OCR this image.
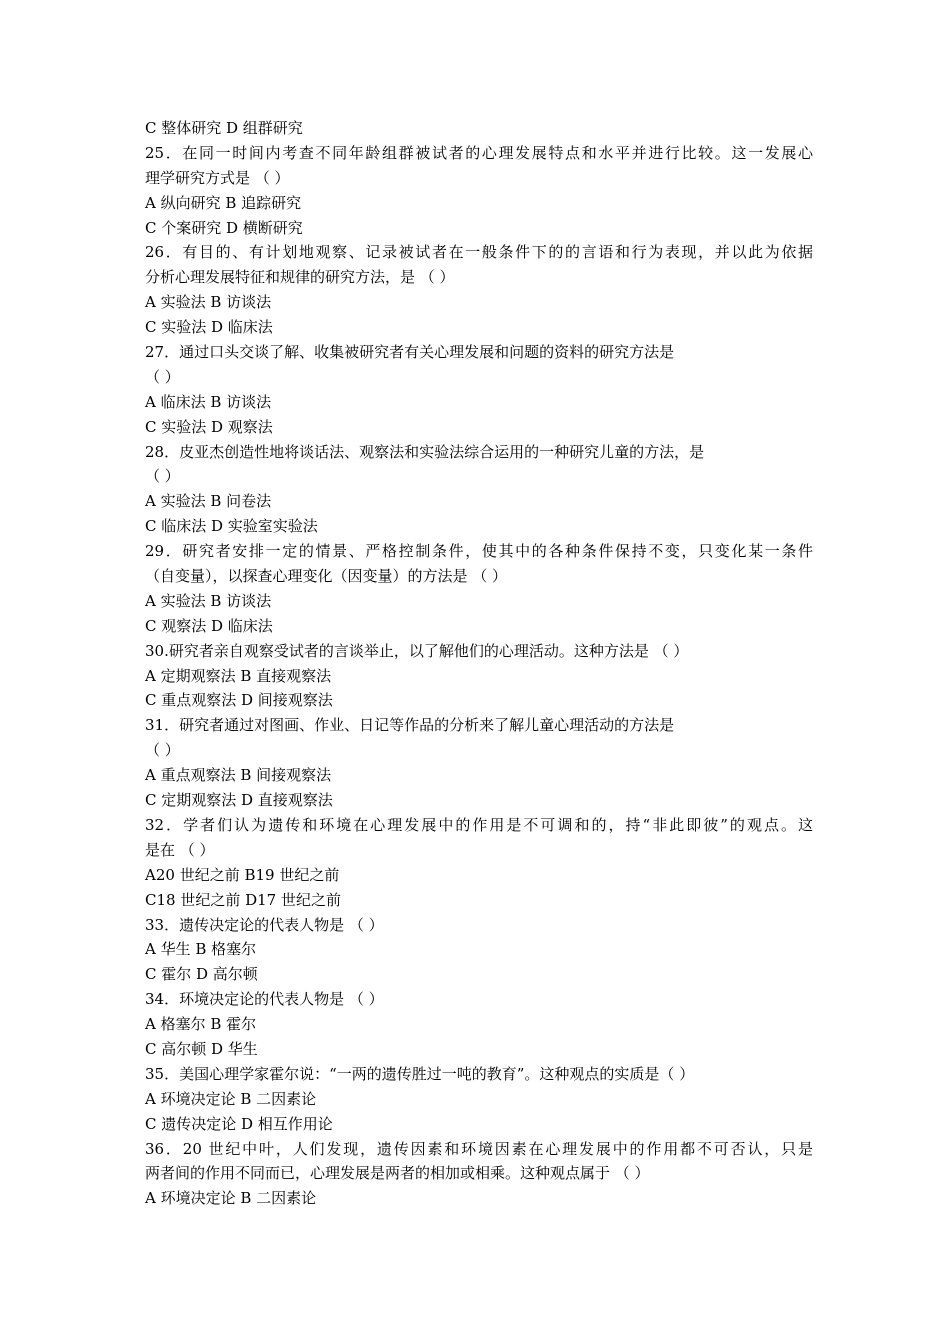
C 整体研究 D 组群研究
25．在同一时间内考查不同年龄组群被试者的心理发展特点和水平并进行比较。这一发展心
理学研究方式是 （ ）
A 纵向研究 B 追踪研究
C 个案研究 D 横断研究
26．有目的、有计划地观察、记录被试者在一般条件下的的言语和行为表现，并以此为依据
分析心理发展特征和规律的研究方法，是 （ ）
A 实验法 B 访谈法
C 实验法 D 临床法
27．通过口头交谈了解、收集被研究者有关心理发展和问题的资料的研究方法是
（ ）
A 临床法 B 访谈法
C 实验法 D 观察法
28．皮亚杰创造性地将谈话法、观察法和实验法综合运用的一种研究儿童的方法，是
（ ）
A 实验法 B 问卷法
C 临床法 D 实验室实验法
29．研究者安排一定的情景、严格控制条件，使其中的各种条件保持不变，只变化某一条件
（自变量），以探查心理变化（因变量）的方法是 （ ）
A 实验法 B 访谈法
C 观察法 D 临床法
30.研究者亲自观察受试者的言谈举止，以了解他们的心理活动。这种方法是 （ ）
A 定期观察法 B 直接观察法
C 重点观察法 D 间接观察法
31．研究者通过对图画、作业、日记等作品的分析来了解儿童心理活动的方法是
（ ）
A 重点观察法 B 间接观察法
C 定期观察法 D 直接观察法
32．学者们认为遗传和环境在心理发展中的作用是不可调和的，持“非此即彼”的观点。这
是在 （ ）
A20 世纪之前 B19 世纪之前
C18 世纪之前 D17 世纪之前
33．遗传决定论的代表人物是 （ ）
A 华生 B 格塞尔
C 霍尔 D 高尔顿
34．环境决定论的代表人物是 （ ）
A 格塞尔 B 霍尔
C 高尔顿 D 华生
35．美国心理学家霍尔说：“一两的遗传胜过一吨的教育”。这种观点的实质是（ ）
A 环境决定论 B 二因素论
C 遗传决定论 D 相互作用论
36．20 世纪中叶，人们发现，遗传因素和环境因素在心理发展中的作用都不可否认，只是
两者间的作用不同而已，心理发展是两者的相加或相乘。这种观点属于 （ ）
A 环境决定论 B 二因素论
